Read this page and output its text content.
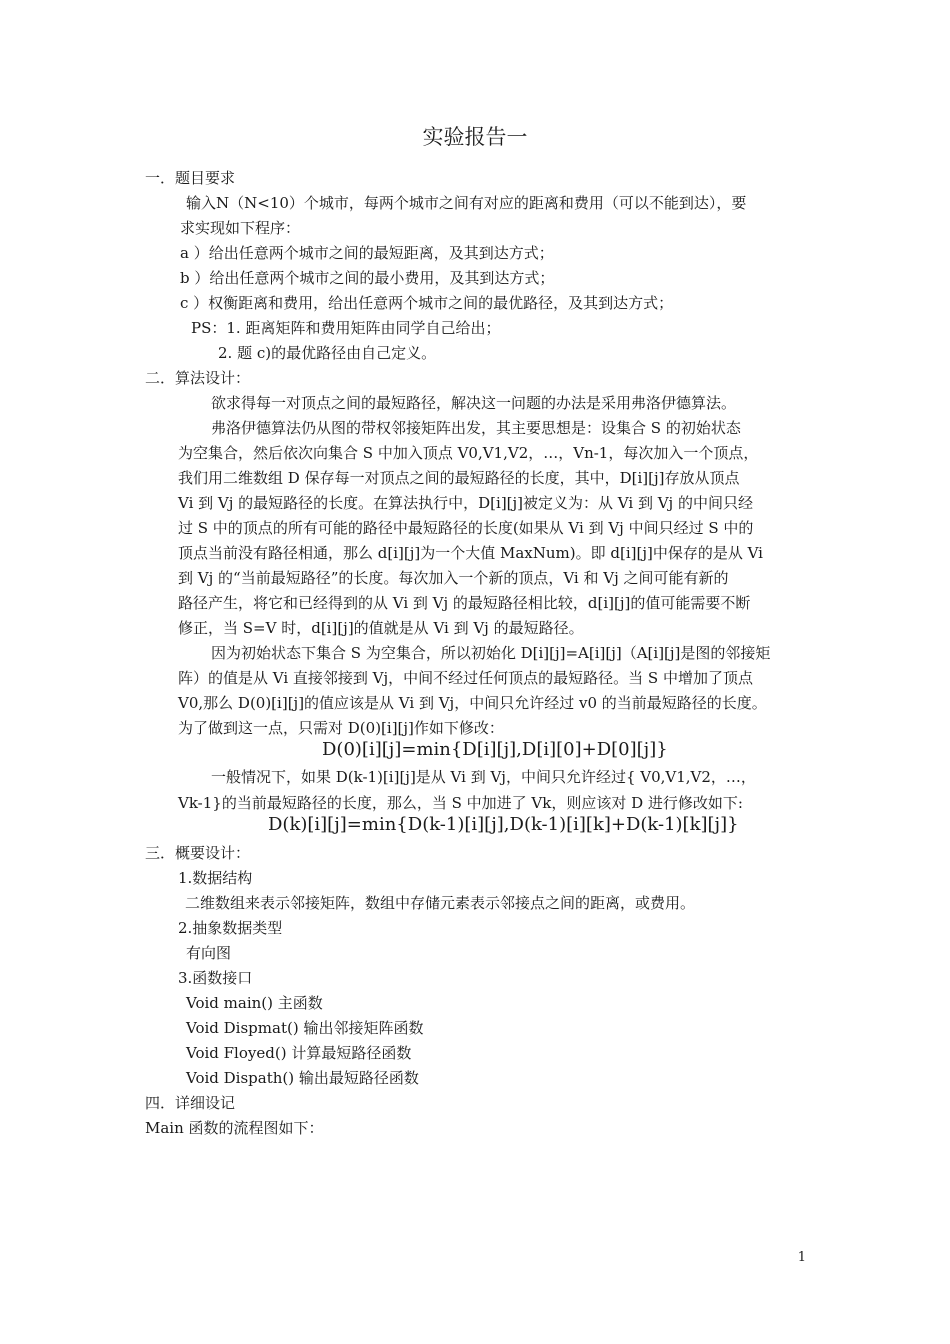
实验报告一
一．题目要求
输入N（N<10）个城市，每两个城市之间有对应的距离和费用（可以不能到达），要
求实现如下程序：
a ）给出任意两个城市之间的最短距离，及其到达方式；
b ）给出任意两个城市之间的最小费用，及其到达方式；
c ）权衡距离和费用，给出任意两个城市之间的最优路径，及其到达方式；
PS：1. 距离矩阵和费用矩阵由同学自己给出；
2. 题 c)的最优路径由自己定义。
二．算法设计：
欲求得每一对顶点之间的最短路径，解决这一问题的办法是采用弗洛伊德算法。
弗洛伊德算法仍从图的带权邻接矩阵出发，其主要思想是：设集合 S 的初始状态
为空集合，然后依次向集合 S 中加入顶点 V0,V1,V2，…，Vn-1，每次加入一个顶点，
我们用二维数组 D 保存每一对顶点之间的最短路径的长度，其中，D[i][j]存放从顶点
Vi 到 Vj 的最短路径的长度。在算法执行中，D[i][j]被定义为：从 Vi 到 Vj 的中间只经
过 S 中的顶点的所有可能的路径中最短路径的长度(如果从 Vi 到 Vj 中间只经过 S 中的
顶点当前没有路径相通，那么 d[i][j]为一个大值 MaxNum)。即 d[i][j]中保存的是从 Vi
到 Vj 的“当前最短路径”的长度。每次加入一个新的顶点，Vi 和 Vj 之间可能有新的
路径产生，将它和已经得到的从 Vi 到 Vj 的最短路径相比较，d[i][j]的值可能需要不断
修正，当 S=V 时，d[i][j]的值就是从 Vi 到 Vj 的最短路径。
因为初始状态下集合 S 为空集合，所以初始化 D[i][j]=A[i][j]（A[i][j]是图的邻接矩
阵）的值是从 Vi 直接邻接到 Vj，中间不经过任何顶点的最短路径。当 S 中增加了顶点
V0,那么 D(0)[i][j]的值应该是从 Vi 到 Vj，中间只允许经过 v0 的当前最短路径的长度。
为了做到这一点，只需对 D(0)[i][j]作如下修改：
D(0)[i][j]=min{D[i][j],D[i][0]+D[0][j]}
一般情况下，如果 D(k-1)[i][j]是从 Vi 到 Vj，中间只允许经过{ V0,V1,V2，…，
Vk-1}的当前最短路径的长度，那么，当 S 中加进了 Vk，则应该对 D 进行修改如下:
D(k)[i][j]=min{D(k-1)[i][j],D(k-1)[i][k]+D(k-1)[k][j]}
三．概要设计：
1.数据结构
二维数组来表示邻接矩阵，数组中存储元素表示邻接点之间的距离，或费用。
2.抽象数据类型
有向图
3.函数接口
Void main() 主函数
Void Dispmat() 输出邻接矩阵函数
Void Floyed() 计算最短路径函数
Void Dispath() 输出最短路径函数
四．详细设记
Main 函数的流程图如下：
1
